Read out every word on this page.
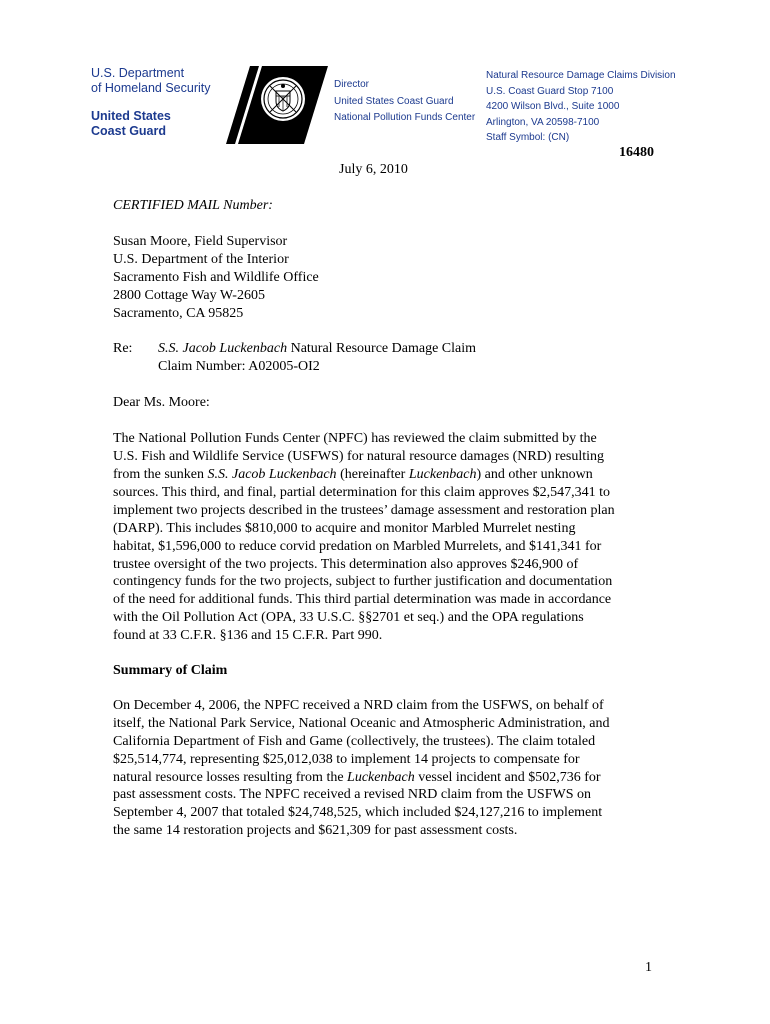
U.S. Department
of Homeland Security
United States
Coast Guard
Director
United States Coast Guard
National Pollution Funds Center
Natural Resource Damage Claims Division
U.S. Coast Guard Stop 7100
4200 Wilson Blvd., Suite 1000
Arlington, VA 20598-7100
Staff Symbol: (CN)
16480
July 6, 2010

CERTIFIED MAIL Number:

Susan Moore, Field Supervisor
U.S. Department of the Interior
Sacramento Fish and Wildlife Office
2800 Cottage Way W-2605
Sacramento, CA 95825
Re:	S.S. Jacob Luckenbach Natural Resource Damage Claim
Claim Number: A02005-OI2

Dear Ms. Moore:

The National Pollution Funds Center (NPFC) has reviewed the claim submitted by the
U.S. Fish and Wildlife Service (USFWS) for natural resource damages (NRD) resulting
from the sunken S.S. Jacob Luckenbach (hereinafter Luckenbach) and other unknown
sources. This third, and final, partial determination for this claim approves $2,547,341 to
implement two projects described in the trustees’ damage assessment and restoration plan
(DARP). This includes $810,000 to acquire and monitor Marbled Murrelet nesting
habitat, $1,596,000 to reduce corvid predation on Marbled Murrelets, and $141,341 for
trustee oversight of the two projects. This determination also approves $246,900 of
contingency funds for the two projects, subject to further justification and documentation
of the need for additional funds. This third partial determination was made in accordance
with the Oil Pollution Act (OPA, 33 U.S.C. §§2701 et seq.) and the OPA regulations
found at 33 C.F.R. §136 and 15 C.F.R. Part 990.

Summary of Claim

On December 4, 2006, the NPFC received a NRD claim from the USFWS, on behalf of
itself, the National Park Service, National Oceanic and Atmospheric Administration, and
California Department of Fish and Game (collectively, the trustees). The claim totaled
$25,514,774, representing $25,012,038 to implement 14 projects to compensate for
natural resource losses resulting from the Luckenbach vessel incident and $502,736 for
past assessment costs. The NPFC received a revised NRD claim from the USFWS on
September 4, 2007 that totaled $24,748,525, which included $24,127,216 to implement
the same 14 restoration projects and $621,309 for past assessment costs.
1
